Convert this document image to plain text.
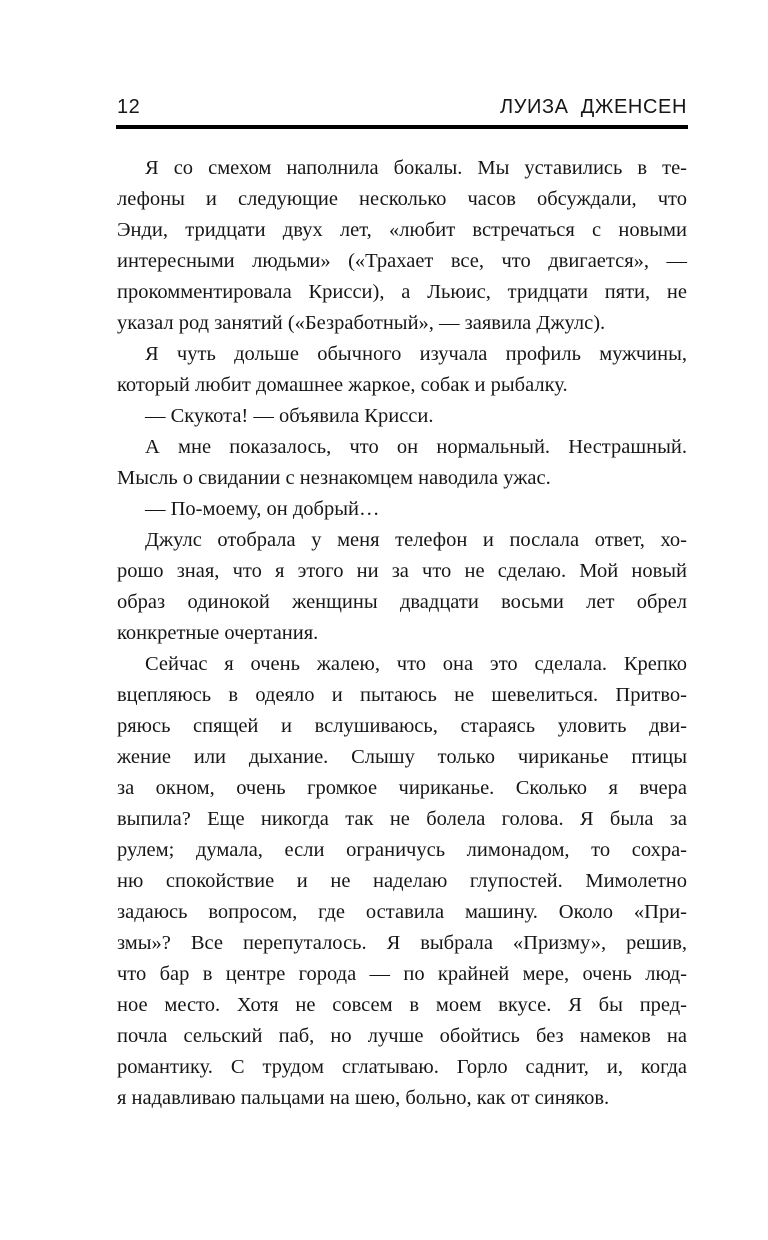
12	ЛУИЗА ДЖЕНСЕН

Я со смехом наполнила бокалы. Мы уставились в те-
лефоны и следующие несколько часов обсуждали, что
Энди, тридцати двух лет, «любит встречаться с новыми
интересными людьми» («Трахает все, что двигается», —
прокомментировала Крисси), а Льюис, тридцати пяти, не
указал род занятий («Безработный», — заявила Джулс).

Я чуть дольше обычного изучала профиль мужчины,
который любит домашнее жаркое, собак и рыбалку.

— Скукота! — объявила Крисси.

А мне показалось, что он нормальный. Нестрашный.
Мысль о свидании с незнакомцем наводила ужас.

— По-моему, он добрый…

Джулс отобрала у меня телефон и послала ответ, хо-
рошо зная, что я этого ни за что не сделаю. Мой новый
образ одинокой женщины двадцати восьми лет обрел
конкретные очертания.

Сейчас я очень жалею, что она это сделала. Крепко
вцепляюсь в одеяло и пытаюсь не шевелиться. Притво-
ряюсь спящей и вслушиваюсь, стараясь уловить дви-
жение или дыхание. Слышу только чириканье птицы
за окном, очень громкое чириканье. Сколько я вчера
выпила? Еще никогда так не болела голова. Я была за
рулем; думала, если ограничусь лимонадом, то сохра-
ню спокойствие и не наделаю глупостей. Мимолетно
задаюсь вопросом, где оставила машину. Около «При-
змы»? Все перепуталось. Я выбрала «Призму», решив,
что бар в центре города — по крайней мере, очень люд-
ное место. Хотя не совсем в моем вкусе. Я бы пред-
почла сельский паб, но лучше обойтись без намеков на
романтику. С трудом сглатываю. Горло саднит, и, когда
я надавливаю пальцами на шею, больно, как от синяков.
